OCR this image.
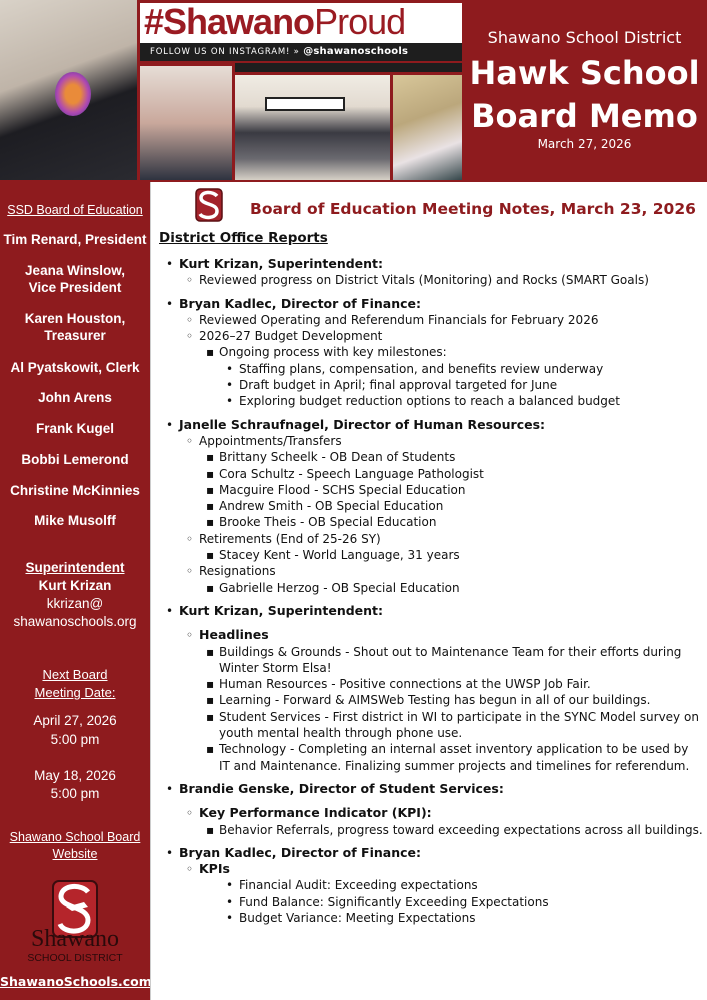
#ShawanoProud
FOLLOW US ON INSTAGRAM! » @shawanoschools
Shawano School District
Hawk School
Board Memo
March 27, 2026
SSD Board of Education
Tim Renard, President
Jeana Winslow,
Vice President
Karen Houston,
Treasurer
Al Pyatskowit, Clerk
John Arens
Frank Kugel
Bobbi Lemerond
Christine McKinnies
Mike Musolff
Superintendent
Kurt Krizan
kkrizan@
shawanoschools.org
Next Board
Meeting Date:
April 27, 2026
5:00 pm
May 18, 2026
5:00 pm
Shawano School Board
Website
Shawano
SCHOOL DISTRICT
ShawanoSchools.com
Board of Education Meeting Notes, March 23, 2026
District Office Reports
• Kurt Krizan, Superintendent:
◦ Reviewed progress on District Vitals (Monitoring) and Rocks (SMART Goals)
• Bryan Kadlec, Director of Finance:
◦ Reviewed Operating and Referendum Financials for February 2026
◦ 2026–27 Budget Development
▪ Ongoing process with key milestones:
• Staffing plans, compensation, and benefits review underway
• Draft budget in April; final approval targeted for June
• Exploring budget reduction options to reach a balanced budget
• Janelle Schraufnagel, Director of Human Resources:
◦ Appointments/Transfers
▪ Brittany Scheelk - OB Dean of Students
▪ Cora Schultz - Speech Language Pathologist
▪ Macguire Flood - SCHS Special Education
▪ Andrew Smith - OB Special Education
▪ Brooke Theis - OB Special Education
◦ Retirements (End of 25-26 SY)
▪ Stacey Kent - World Language, 31 years
◦ Resignations
▪ Gabrielle Herzog - OB Special Education
• Kurt Krizan, Superintendent:
◦ Headlines
▪ Buildings & Grounds - Shout out to Maintenance Team for their efforts during Winter Storm Elsa!
▪ Human Resources - Positive connections at the UWSP Job Fair.
▪ Learning - Forward & AIMSWeb Testing has begun in all of our buildings.
▪ Student Services - First district in WI to participate in the SYNC Model survey on youth mental health through phone use.
▪ Technology - Completing an internal asset inventory application to be used by IT and Maintenance. Finalizing summer projects and timelines for referendum.
• Brandie Genske, Director of Student Services:
◦ Key Performance Indicator (KPI):
▪ Behavior Referrals, progress toward exceeding expectations across all buildings.
• Bryan Kadlec, Director of Finance:
◦ KPIs
• Financial Audit: Exceeding expectations
• Fund Balance: Significantly Exceeding Expectations
• Budget Variance: Meeting Expectations
